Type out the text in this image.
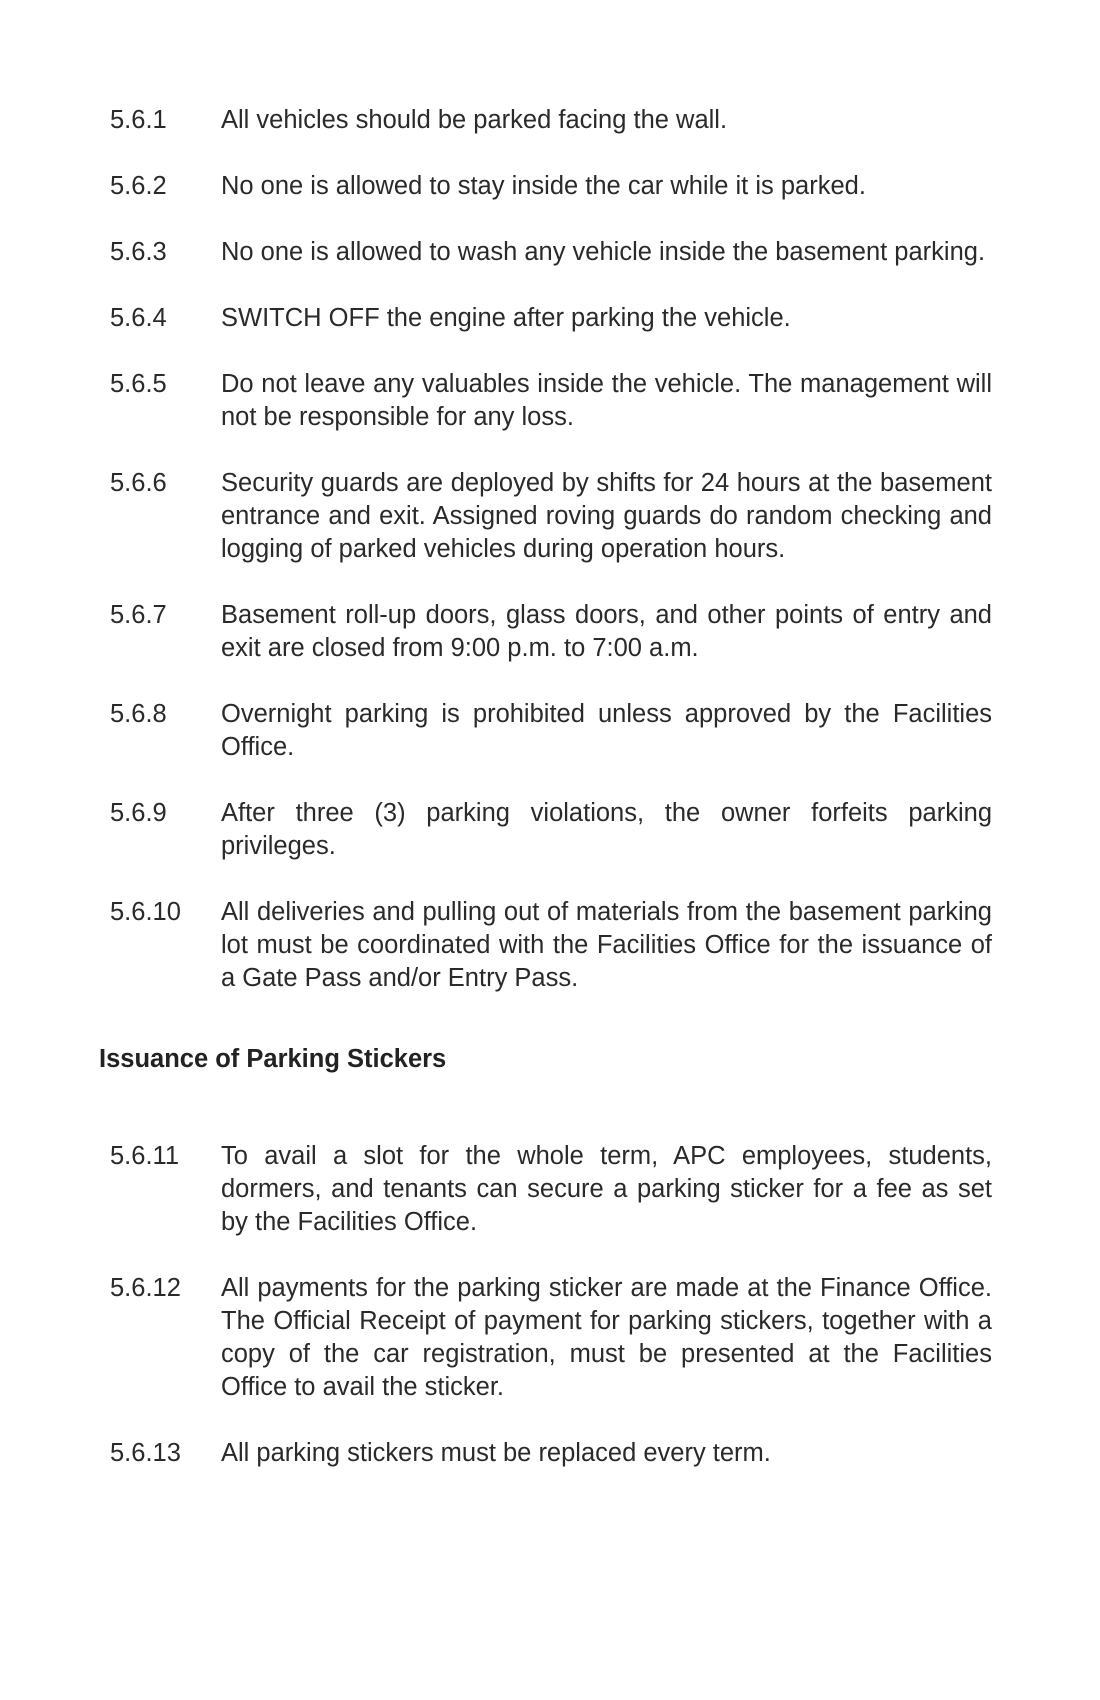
5.6.1	All vehicles should be parked facing the wall.
5.6.2	No one is allowed to stay inside the car while it is parked.
5.6.3	No one is allowed to wash any vehicle inside the basement parking.
5.6.4	SWITCH OFF the engine after parking the vehicle.
5.6.5	Do not leave any valuables inside the vehicle. The management will not be responsible for any loss.
5.6.6	Security guards are deployed by shifts for 24 hours at the basement entrance and exit. Assigned roving guards do random checking and logging of parked vehicles during operation hours.
5.6.7	Basement roll-up doors, glass doors, and other points of entry and exit are closed from 9:00 p.m. to 7:00 a.m.
5.6.8	Overnight parking is prohibited unless approved by the Facilities Office.
5.6.9	After three (3) parking violations, the owner forfeits parking privileges.
5.6.10	All deliveries and pulling out of materials from the basement parking lot must be coordinated with the Facilities Office for the issuance of a Gate Pass and/or Entry Pass.
Issuance of Parking Stickers
5.6.11	To avail a slot for the whole term, APC employees, students, dormers, and tenants can secure a parking sticker for a fee as set by the Facilities Office.
5.6.12	All payments for the parking sticker are made at the Finance Office. The Official Receipt of payment for parking stickers, together with a copy of the car registration, must be presented at the Facilities Office to avail the sticker.
5.6.13	All parking stickers must be replaced every term.
